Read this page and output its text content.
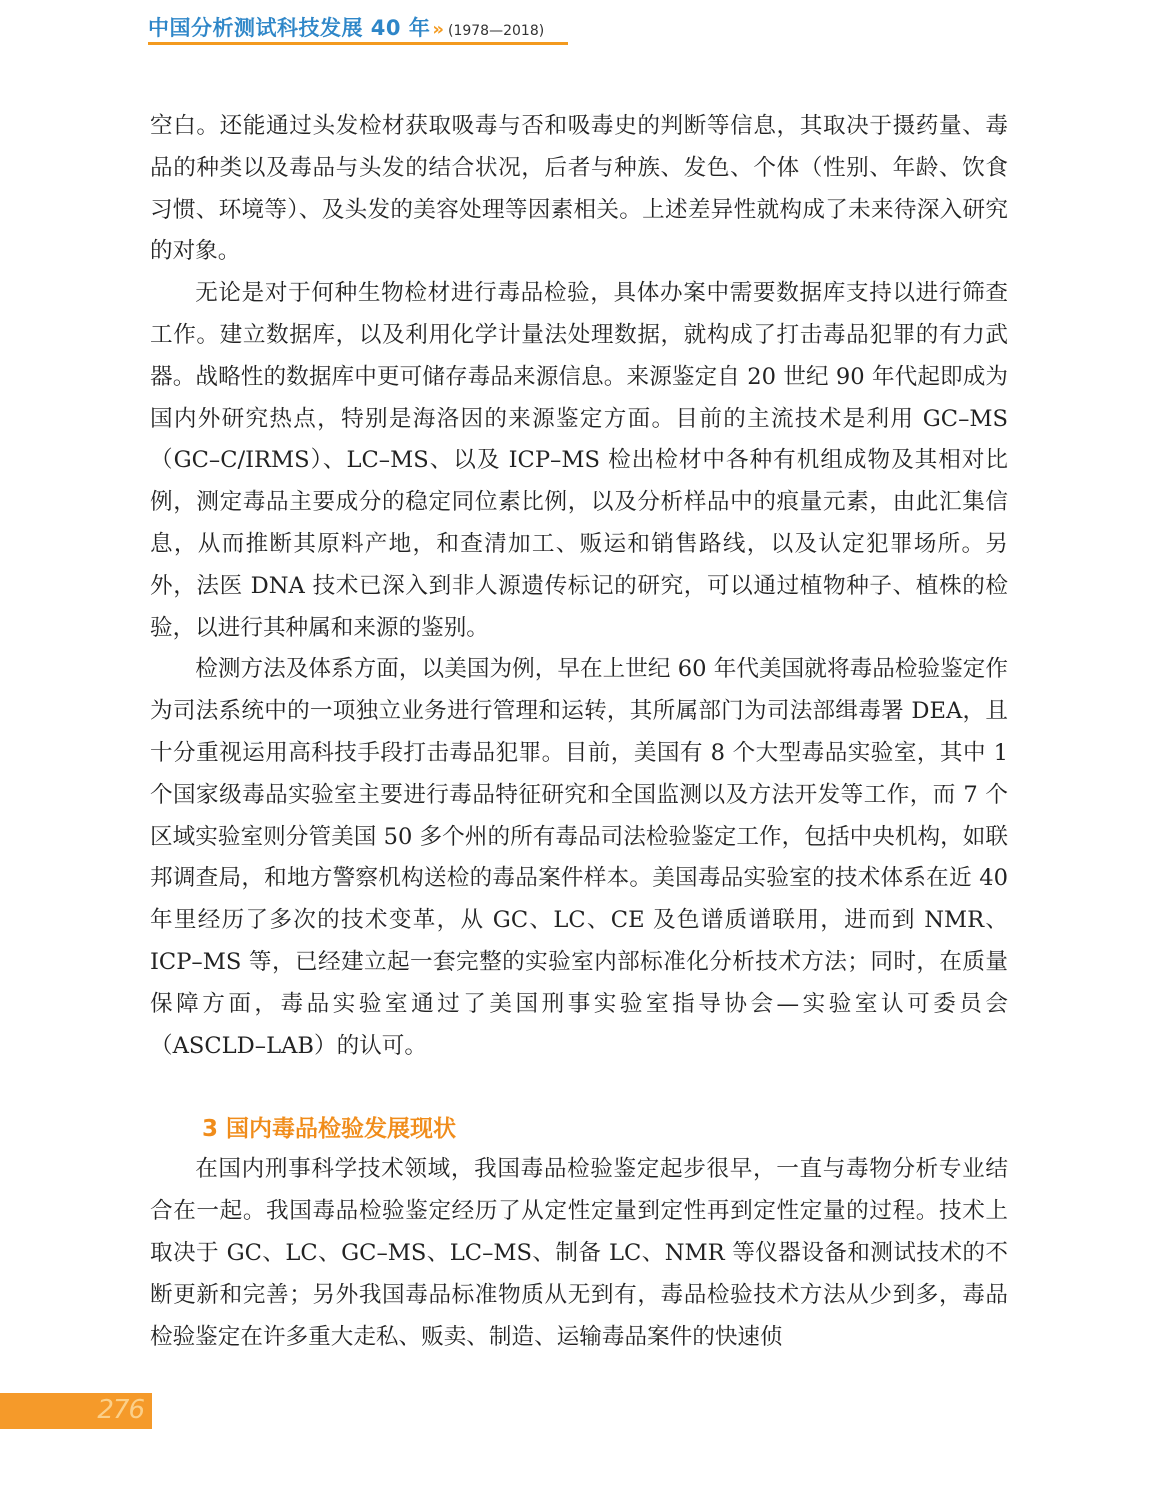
中国分析测试科技发展 40 年 » (1978—2018)

空白。还能通过头发检材获取吸毒与否和吸毒史的判断等信息，其取决于摄药量、毒品的种类以及毒品与头发的结合状况，后者与种族、发色、个体（性别、年龄、饮食习惯、环境等）、及头发的美容处理等因素相关。上述差异性就构成了未来待深入研究的对象。

无论是对于何种生物检材进行毒品检验，具体办案中需要数据库支持以进行筛查工作。建立数据库，以及利用化学计量法处理数据，就构成了打击毒品犯罪的有力武器。战略性的数据库中更可储存毒品来源信息。来源鉴定自 20 世纪 90 年代起即成为国内外研究热点，特别是海洛因的来源鉴定方面。目前的主流技术是利用 GC–MS（GC–C/IRMS）、LC–MS、以及 ICP–MS 检出检材中各种有机组成物及其相对比例，测定毒品主要成分的稳定同位素比例，以及分析样品中的痕量元素，由此汇集信息，从而推断其原料产地，和查清加工、贩运和销售路线，以及认定犯罪场所。另外，法医 DNA 技术已深入到非人源遗传标记的研究，可以通过植物种子、植株的检验，以进行其种属和来源的鉴别。

检测方法及体系方面，以美国为例，早在上世纪 60 年代美国就将毒品检验鉴定作为司法系统中的一项独立业务进行管理和运转，其所属部门为司法部缉毒署 DEA，且十分重视运用高科技手段打击毒品犯罪。目前，美国有 8 个大型毒品实验室，其中 1 个国家级毒品实验室主要进行毒品特征研究和全国监测以及方法开发等工作，而 7 个区域实验室则分管美国 50 多个州的所有毒品司法检验鉴定工作，包括中央机构，如联邦调查局，和地方警察机构送检的毒品案件样本。美国毒品实验室的技术体系在近 40 年里经历了多次的技术变革，从 GC、LC、CE 及色谱质谱联用，进而到 NMR、ICP–MS 等，已经建立起一套完整的实验室内部标准化分析技术方法；同时，在质量保障方面，毒品实验室通过了美国刑事实验室指导协会—实验室认可委员会（ASCLD–LAB）的认可。

3 国内毒品检验发展现状

在国内刑事科学技术领域，我国毒品检验鉴定起步很早，一直与毒物分析专业结合在一起。我国毒品检验鉴定经历了从定性定量到定性再到定性定量的过程。技术上取决于 GC、LC、GC–MS、LC–MS、制备 LC、NMR 等仪器设备和测试技术的不断更新和完善；另外我国毒品标准物质从无到有，毒品检验技术方法从少到多，毒品检验鉴定在许多重大走私、贩卖、制造、运输毒品案件的快速侦

276
